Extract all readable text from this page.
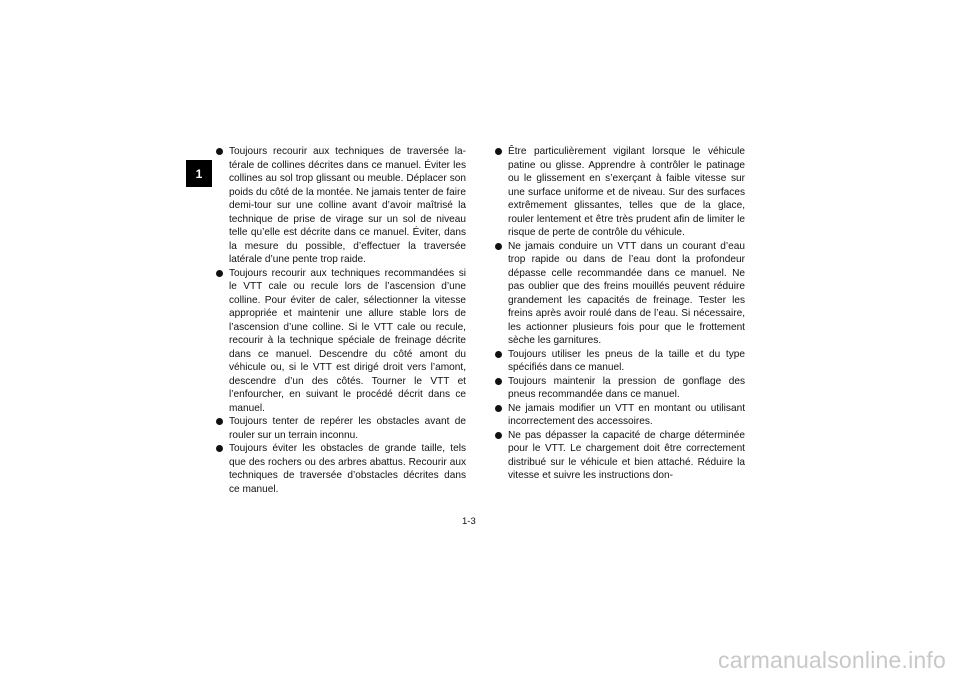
1
Toujours recourir aux techniques de traversée latérale de collines décrites dans ce manuel. Éviter les collines au sol trop glissant ou meuble. Déplacer son poids du côté de la montée. Ne jamais tenter de faire demi-tour sur une colline avant d’avoir maîtrisé la technique de prise de virage sur un sol de niveau telle qu’elle est décrite dans ce manuel. Éviter, dans la mesure du possible, d’effectuer la traversée latérale d’une pente trop raide.
Toujours recourir aux techniques recommandées si le VTT cale ou recule lors de l’ascension d’une colline. Pour éviter de caler, sélectionner la vitesse appropriée et maintenir une allure stable lors de l’ascension d’une colline. Si le VTT cale ou recule, recourir à la technique spéciale de freinage décrite dans ce manuel. Descendre du côté amont du véhicule ou, si le VTT est dirigé droit vers l’amont, descendre d’un des côtés. Tourner le VTT et l’enfourcher, en suivant le procédé décrit dans ce manuel.
Toujours tenter de repérer les obstacles avant de rouler sur un terrain inconnu.
Toujours éviter les obstacles de grande taille, tels que des rochers ou des arbres abattus. Recourir aux techniques de traversée d’obstacles décrites dans ce manuel.
Être particulièrement vigilant lorsque le véhicule patine ou glisse. Apprendre à contrôler le patinage ou le glissement en s’exerçant à faible vitesse sur une surface uniforme et de niveau. Sur des surfaces extrêmement glissantes, telles que de la glace, rouler lentement et être très prudent afin de limiter le risque de perte de contrôle du véhicule.
Ne jamais conduire un VTT dans un courant d’eau trop rapide ou dans de l’eau dont la profondeur dépasse celle recommandée dans ce manuel. Ne pas oublier que des freins mouillés peuvent réduire grandement les capacités de freinage. Tester les freins après avoir roulé dans de l’eau. Si nécessaire, les actionner plusieurs fois pour que le frottement sèche les garnitures.
Toujours utiliser les pneus de la taille et du type spécifiés dans ce manuel.
Toujours maintenir la pression de gonflage des pneus recommandée dans ce manuel.
Ne jamais modifier un VTT en montant ou utilisant incorrectement des accessoires.
Ne pas dépasser la capacité de charge déterminée pour le VTT. Le chargement doit être correctement distribué sur le véhicule et bien attaché. Réduire la vitesse et suivre les instructions don-
1-3
carmanualsonline.info
